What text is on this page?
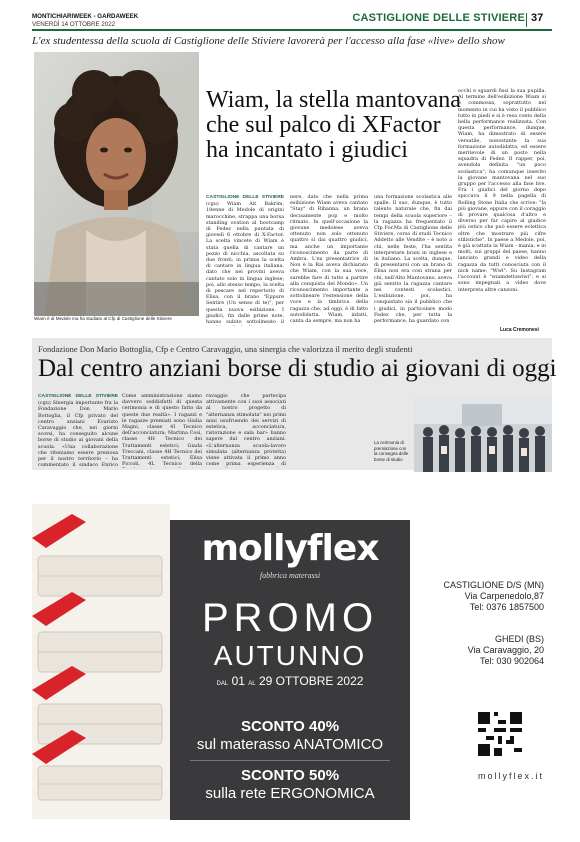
MONTICHIARIWEEK - GARDAWEEK
VENERDÌ 14 OTTOBRE 2022	CASTIGLIONE DELLE STIVIERE 37
L'ex studentessa della scuola di Castiglione delle Stiviere lavorerà per l'accesso alla fase «live» dello show
Wiam è di Medole ma ha studiato al Cfp di Castiglione delle Stiviere
Wiam, la stella mantovana
che sul palco di XFactor
ha incantato i giudici
CASTIGLIONE DELLE STIVIERE (cgu) Wiam Ait Bakrim, 18enne di Medole di origini marocchine, strappa una borsa standing ovation al bootcamp di Fedez nella puntata di giovedì 6 ottobre di X-Factor. La scelta vincete di Wiam è stata quella di cantare un pezzo di nicchia, ascoltata su due fronti: in primis la scelta di cantare in lingua italiana, dato che nei provini aveva cantato solo in lingua inglese; poi, allo stesso tempo, la scelta di pescare nel repertorio di Elisa, con il brano "Eppure Sentire (Un senso di te)", per questa nuova esibizione. I giudici, fin dalle prime note, hanno subito sottolineato il
nere, dato che nella prima esibizione Wiam aveva cantato "Stay" di Rihanna, un brano decisamente pop e molto ritmato. In quell'occasione la giovane medolese aveva ottenuto non solo ottenuto quattro sì dai quattro giudici, ma anche un importante riconoscimento da parte di Ambra. L'ex presentatrice di Non è la Rai aveva dichiarato che Wiam, con la sua voce, sarebbe fare di tutto a partire alla conquista del Mondo». Un riconoscimento importante a sottolineare l'estensione della voce e la timbrica della ragazza che, ad oggi, è di fatto autodidatta. Wiam, infatti, canta da sempre, ma non ha
una formazione scolastica alle spalle. Il suo, dunque, è tutto talento naturale che, fin dai tempi della scuola superiore – la ragazza ha frequentato il Cfp For.Ma di Castiglione delle Stiviere, corso di studi Tecnico Addetto alle Vendite – è noto a chi, nelle feste, l'ha sentita interpretare brani in inglese e in italiano. La scelta, dunque, di presentarsi con un brano di Elisa non era così strana per chi, nell'Alto Mantovano, aveva già sentito la ragazza cantare nei contesti scolastici. L'esibizione, poi, ha conquistato sia il pubblico che i giudici, in particolare modo Fedez che, per tutta la performance, ha guardato con
occhi e sguardi fissi la sua pupilla. Al termine dell'esibizione Wiam si è commossa, soprattutto nel momento in cui ha visto il pubblico tutto in piedi e si è resa conto della bella performance realizzata. Con questa performance, dunque, Wiam, ha dimostrato di essere versatile, nonostante la sua formazione autodidatta, ed essere meritevole di un posto nella squadra di Fedez. Il rapper, poi, avendola definita "un poco scolastica", ha comunque inserito la giovane mantovana nel suo gruppo per l'accesso alla fase live. Fra i giudici del giorno dopo spiccava il 9 nella pagella di Rolling Stone Italia che scrive: "la più giovane, eppure con il coraggio di provare qualcosa d'altro e diverso per far capire al giudice più ostico che può essere eclettica oltre che mostrare più cifre stilistiche". In paese a Medole, poi, è già scattata la Wiam - mania, e in molti, sui gruppi del paese, hanno lanciato grandi e video della ragazza da tutti conosciuta con il nick name: "Wwl". Su Instagram l'account è "wiamdettawiwi", e si sono impegnati a video dove interpreta altre canzoni.
Luca Cremonesi
Fondazione Don Mario Bottoglia, Cfp e Centro Caravaggio, una sinergia che valorizza il merito degli studenti
Dal centro anziani borse di studio ai giovani di oggi
CASTIGLIONE DELLE STIVIERE (cgu) Sinergia importante fra la Fondazione Don Mario Bottoglia, il Cfp privato del centro anziani Evaristo Caravaggio che, nei giorni scorsi, ha conseguito alcune borse di studio ai giovani della scuola. «Una collaborazione che riteniamo essere preziosa per il nostro territorio – ha commentato il sindaco Enrico
Come amministrazione siamo davvero soddisfatti di questa cerimonia e di questo fatto da queste due realtà». I ragazzi e le ragazze premiati sono Giulia Magni, classe 4I Tecnico dell'acconciatura; Martina Cosi, classe 4H Tecnico dei Trattamenti estetici; Giada Treccani, classe 4H Tecnico dei Trattamenti estetici; Elisa Piccoli, 4L Tecnico della
ravaggio che partecipa attivamente con i suoi associati al nostro progetto di "alternanza stimolata" nei primi anni usufruendo dei servizi di estetica, acconciatura, ristorazione e sala bar» hanno sapere dal centro anziani. «L'alternanza scuola-lavoro simulata (alternanza protetta) viene attivata il primo anno come prima esperienza di
La cerimonia di premiazione con la consegna delle borse di studio
mollyflex
fabbrica materassi
PROMO
AUTUNNO
DAL 01 AL 29 OTTOBRE 2022
SCONTO 40%
sul materasso ANATOMICO
SCONTO 50%
sulla rete ERGONOMICA
CASTIGLIONE D/S (MN)
Via Carpenedolo,87
Tel: 0376 1857500
GHEDI (BS)
Via Caravaggio, 20
Tel: 030 902064
mollyflex.it
